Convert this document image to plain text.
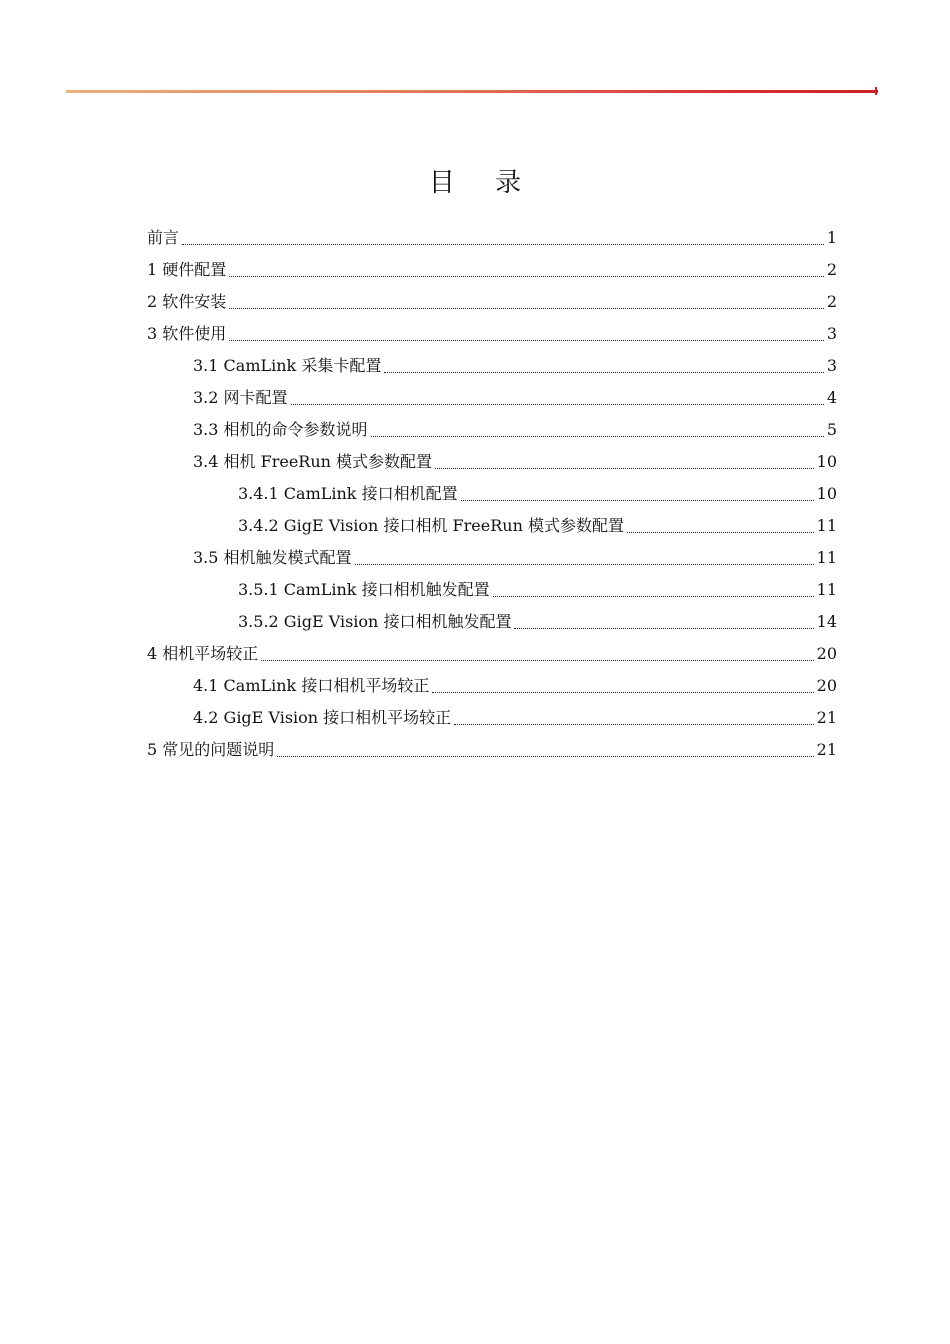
目 录
前言	1
1 硬件配置	2
2 软件安装	2
3 软件使用	3
3.1 CamLink 采集卡配置	3
3.2 网卡配置	4
3.3 相机的命令参数说明	5
3.4 相机 FreeRun 模式参数配置	10
3.4.1 CamLink 接口相机配置	10
3.4.2 GigE Vision 接口相机 FreeRun 模式参数配置	11
3.5 相机触发模式配置	11
3.5.1 CamLink 接口相机触发配置	11
3.5.2 GigE Vision 接口相机触发配置	14
4 相机平场较正	20
4.1 CamLink 接口相机平场较正	20
4.2 GigE Vision 接口相机平场较正	21
5 常见的问题说明	21
